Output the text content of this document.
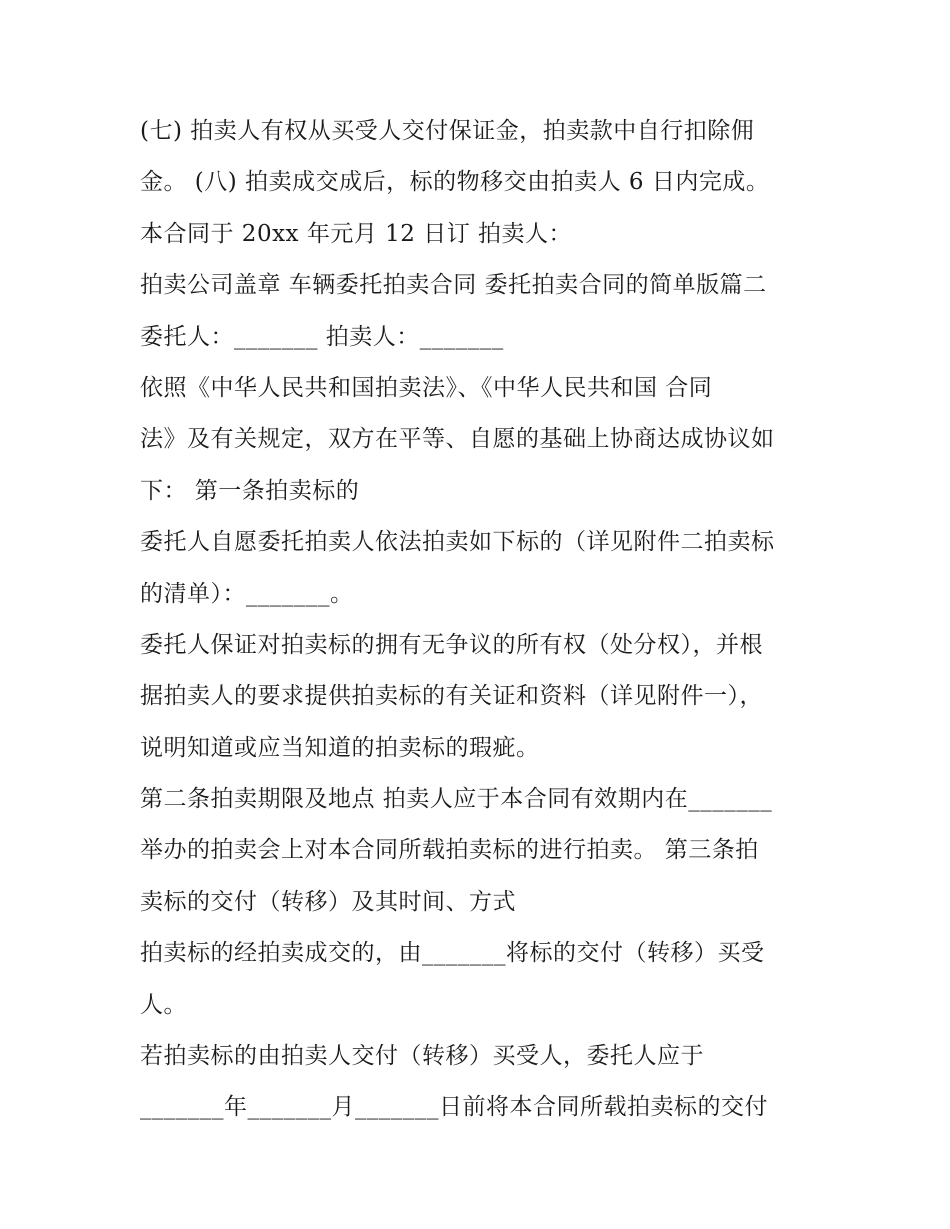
(七) 拍卖人有权从买受人交付保证金，拍卖款中自行扣除佣
金。 (八) 拍卖成交成后，标的物移交由拍卖人 6 日内完成。
本合同于 20xx 年元月 12 日订 拍卖人：
拍卖公司盖章 车辆委托拍卖合同 委托拍卖合同的简单版篇二
委托人：_______ 拍卖人：_______
依照《中华人民共和国拍卖法》、《中华人民共和国 合同
法》及有关规定，双方在平等、自愿的基础上协商达成协议如
下： 第一条拍卖标的
委托人自愿委托拍卖人依法拍卖如下标的（详见附件二拍卖标
的清单）：_______。
委托人保证对拍卖标的拥有无争议的所有权（处分权），并根
据拍卖人的要求提供拍卖标的有关证和资料（详见附件一），
说明知道或应当知道的拍卖标的瑕疵。
第二条拍卖期限及地点 拍卖人应于本合同有效期内在_______
举办的拍卖会上对本合同所载拍卖标的进行拍卖。 第三条拍
卖标的交付（转移）及其时间、方式
拍卖标的经拍卖成交的，由_______将标的交付（转移）买受
人。
若拍卖标的由拍卖人交付（转移）买受人，委托人应于
_______年_______月_______日前将本合同所载拍卖标的交付
